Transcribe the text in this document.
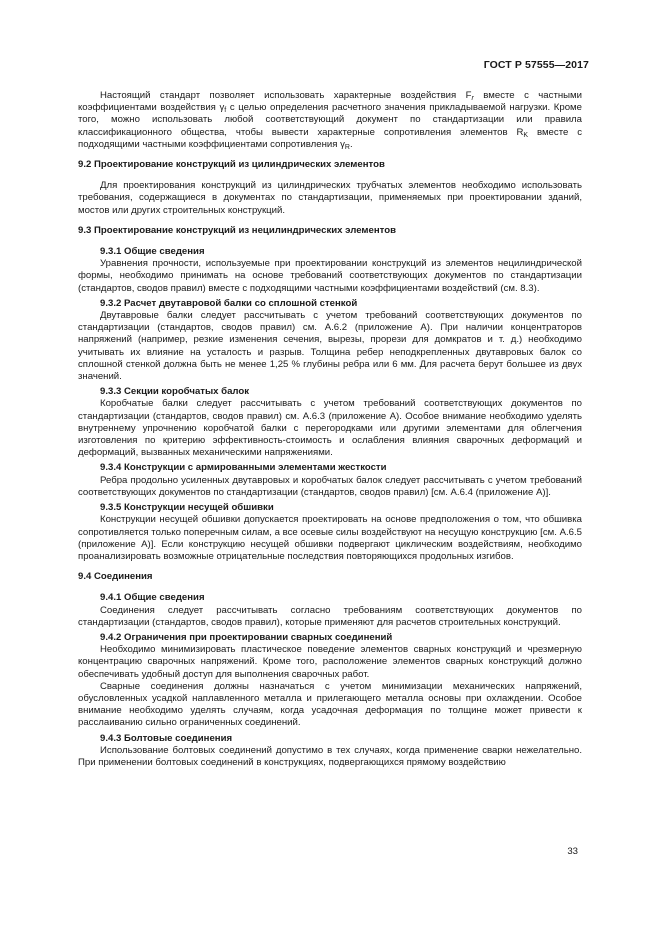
ГОСТ Р 57555—2017

Настоящий стандарт позволяет использовать характерные воздействия $F_r$ вместе с частными коэффициентами воздействия $\gamma_f$ с целью определения расчетного значения прикладываемой нагрузки. Кроме того, можно использовать любой соответствующий документ по стандартизации или правила классификационного общества, чтобы вывести характерные сопротивления элементов $R_K$ вместе с подходящими частными коэффициентами сопротивления $\gamma_R$.

9.2 Проектирование конструкций из цилиндрических элементов

Для проектирования конструкций из цилиндрических трубчатых элементов необходимо использовать требования, содержащиеся в документах по стандартизации, применяемых при проектировании зданий, мостов или других строительных конструкций.

9.3 Проектирование конструкций из нецилиндрических элементов
9.3.1 Общие сведения

Уравнения прочности, используемые при проектировании конструкций из элементов нецилиндрической формы, необходимо принимать на основе требований соответствующих документов по стандартизации (стандартов, сводов правил) вместе с подходящими частными коэффициентами воздействий (см. 8.3).

9.3.2 Расчет двутавровой балки со сплошной стенкой

Двутавровые балки следует рассчитывать с учетом требований соответствующих документов по стандартизации (стандартов, сводов правил) см. А.6.2 (приложение А). При наличии концентраторов напряжений (например, резкие изменения сечения, вырезы, прорези для домкратов и т. д.) необходимо учитывать их влияние на усталость и разрыв. Толщина ребер неподкрепленных двутавровых балок со сплошной стенкой должна быть не менее 1,25 % глубины ребра или 6 мм. Для расчета берут большее из двух значений.

9.3.3 Секции коробчатых балок

Коробчатые балки следует рассчитывать с учетом требований соответствующих документов по стандартизации (стандартов, сводов правил) см. А.6.3 (приложение А). Особое внимание необходимо уделять внутреннему упрочнению коробчатой балки с перегородками или другими элементами для облегчения изготовления по критерию эффективность-стоимость и ослабления влияния сварочных деформаций и деформаций, вызванных механическими напряжениями.

9.3.4 Конструкции с армированными элементами жесткости

Ребра продольно усиленных двутавровых и коробчатых балок следует рассчитывать с учетом требований соответствующих документов по стандартизации (стандартов, сводов правил) [см. А.6.4 (приложение А)].

9.3.5 Конструкции несущей обшивки

Конструкции несущей обшивки допускается проектировать на основе предположения о том, что обшивка сопротивляется только поперечным силам, а все осевые силы воздействуют на несущую конструкцию [см. А.6.5 (приложение А)]. Если конструкцию несущей обшивки подвергают циклическим воздействиям, необходимо проанализировать возможные отрицательные последствия повторяющихся продольных изгибов.

9.4 Соединения
9.4.1 Общие сведения

Соединения следует рассчитывать согласно требованиям соответствующих документов по стандартизации (стандартов, сводов правил), которые применяют для расчетов строительных конструкций.

9.4.2 Ограничения при проектировании сварных соединений

Необходимо минимизировать пластическое поведение элементов сварных конструкций и чрезмерную концентрацию сварочных напряжений. Кроме того, расположение элементов сварных конструкций должно обеспечивать удобный доступ для выполнения сварочных работ.

Сварные соединения должны назначаться с учетом минимизации механических напряжений, обусловленных усадкой наплавленного металла и прилегающего металла основы при охлаждении. Особое внимание необходимо уделять случаям, когда усадочная деформация по толщине может привести к расслаиванию сильно ограниченных соединений.

9.4.3 Болтовые соединения

Использование болтовых соединений допустимо в тех случаях, когда применение сварки нежелательно. При применении болтовых соединений в конструкциях, подвергающихся прямому воздействию

33
